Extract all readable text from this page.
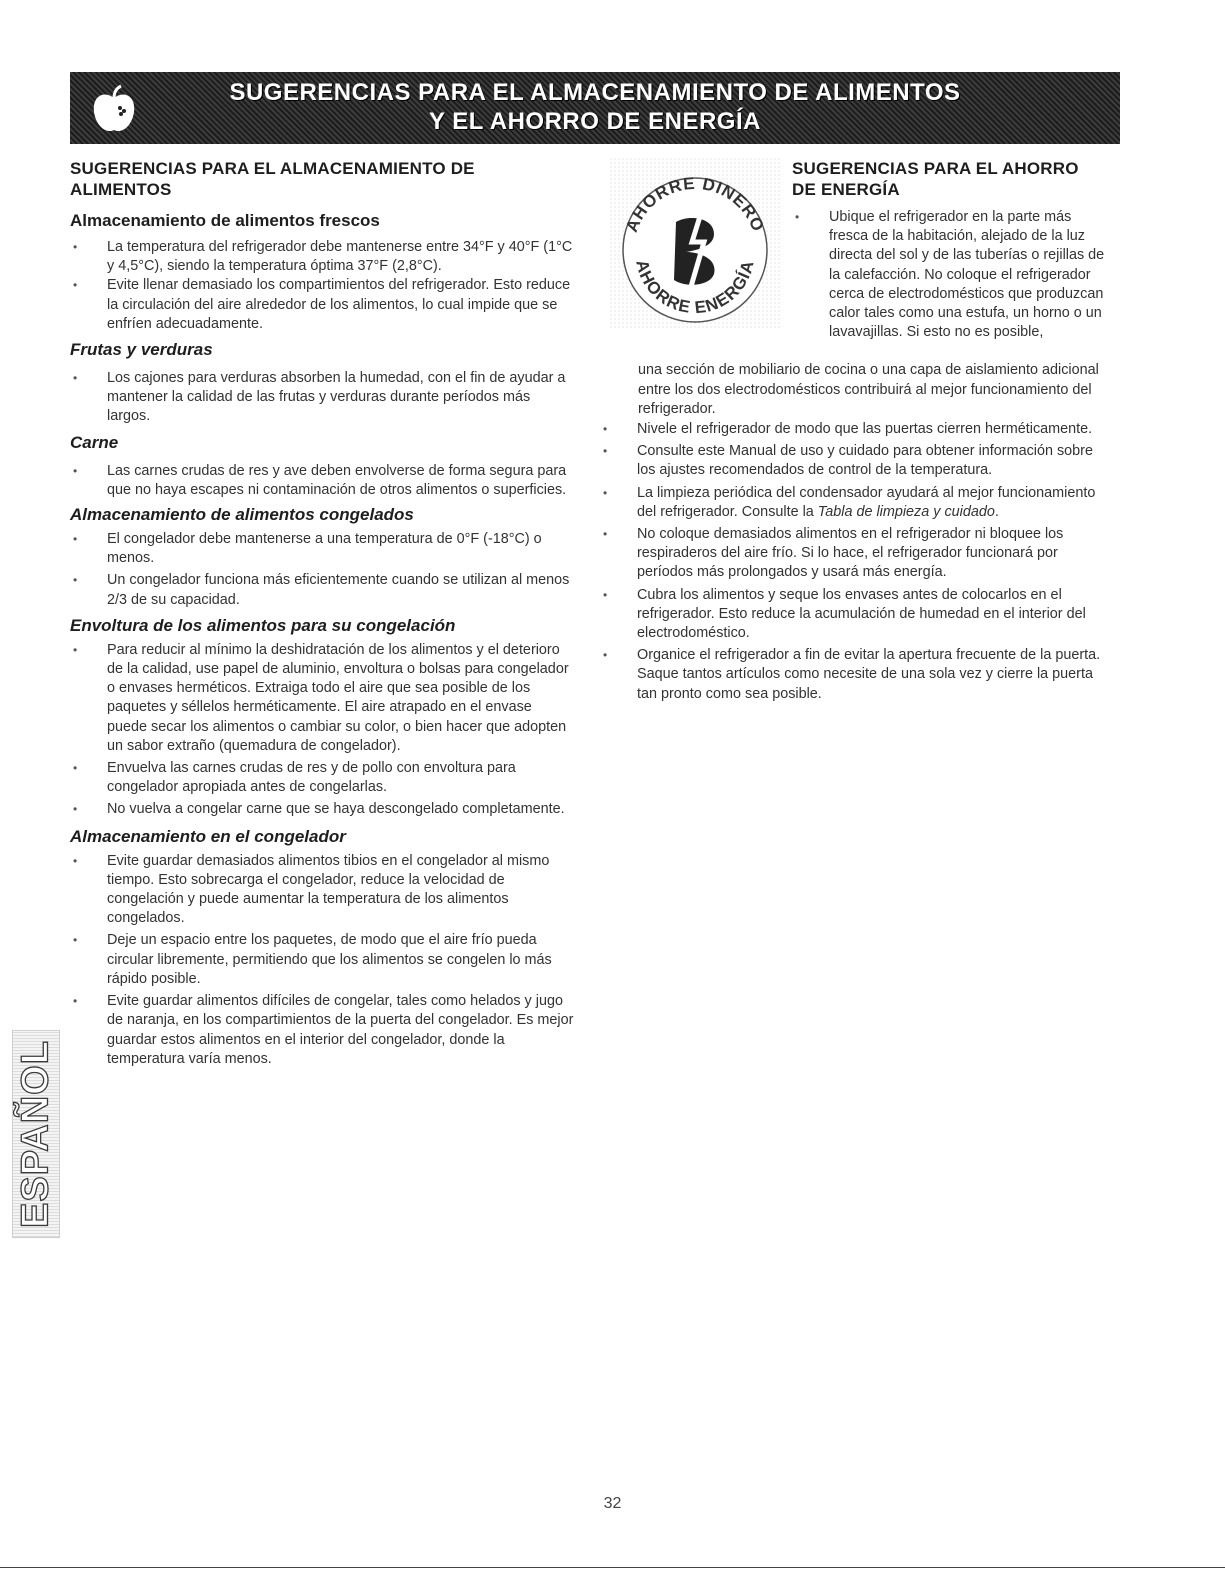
SUGERENCIAS PARA EL ALMACENAMIENTO DE ALIMENTOS
Y EL AHORRO DE ENERGÍA
SUGERENCIAS PARA EL ALMACENAMIENTO DE ALIMENTOS
Almacenamiento de alimentos frescos
• La temperatura del refrigerador debe mantenerse entre 34°F y 40°F (1°C y 4,5°C), siendo la temperatura óptima 37°F (2,8°C).
• Evite llenar demasiado los compartimientos del refrigerador. Esto reduce la circulación del aire alrededor de los alimentos, lo cual impide que se enfríen adecuadamente.
Frutas y verduras
• Los cajones para verduras absorben la humedad, con el fin de ayudar a mantener la calidad de las frutas y verduras durante períodos más largos.
Carne
• Las carnes crudas de res y ave deben envolverse de forma segura para que no haya escapes ni contaminación de otros alimentos o superficies.
Almacenamiento de alimentos congelados
• El congelador debe mantenerse a una temperatura de 0°F (-18°C) o menos.
• Un congelador funciona más eficientemente cuando se utilizan al menos 2/3 de su capacidad.
Envoltura de los alimentos para su congelación
• Para reducir al mínimo la deshidratación de los alimentos y el deterioro de la calidad, use papel de aluminio, envoltura o bolsas para congelador o envases herméticos. Extraiga todo el aire que sea posible de los paquetes y séllelos herméticamente. El aire atrapado en el envase puede secar los alimentos o cambiar su color, o bien hacer que adopten un sabor extraño (quemadura de congelador).
• Envuelva las carnes crudas de res y de pollo con envoltura para congelador apropiada antes de congelarlas.
• No vuelva a congelar carne que se haya descongelado completamente.
Almacenamiento en el congelador
• Evite guardar demasiados alimentos tibios en el congelador al mismo tiempo. Esto sobrecarga el congelador, reduce la velocidad de congelación y puede aumentar la temperatura de los alimentos congelados.
• Deje un espacio entre los paquetes, de modo que el aire frío pueda circular libremente, permitiendo que los alimentos se congelen lo más rápido posible.
• Evite guardar alimentos difíciles de congelar, tales como helados y jugo de naranja, en los compartimientos de la puerta del congelador. Es mejor guardar estos alimentos en el interior del congelador, donde la temperatura varía menos.
AHORRE DINERO
AHORRE ENERGÍA
SUGERENCIAS PARA EL AHORRO DE ENERGÍA
• Ubique el refrigerador en la parte más fresca de la habitación, alejado de la luz directa del sol y de las tuberías o rejillas de la calefacción. No coloque el refrigerador cerca de electrodomésticos que produzcan calor tales como una estufa, un horno o un lavavajillas. Si esto no es posible,

una sección de mobiliario de cocina o una capa de aislamiento adicional entre los dos electrodomésticos contribuirá al mejor funcionamiento del refrigerador.

• Nivele el refrigerador de modo que las puertas cierren herméticamente.
• Consulte este Manual de uso y cuidado para obtener información sobre los ajustes recomendados de control de la temperatura.
• La limpieza periódica del condensador ayudará al mejor funcionamiento del refrigerador. Consulte la Tabla de limpieza y cuidado.
• No coloque demasiados alimentos en el refrigerador ni bloquee los respiraderos del aire frío. Si lo hace, el refrigerador funcionará por períodos más prolongados y usará más energía.
• Cubra los alimentos y seque los envases antes de colocarlos en el refrigerador. Esto reduce la acumulación de humedad en el interior del electrodoméstico.
• Organice el refrigerador a fin de evitar la apertura frecuente de la puerta. Saque tantos artículos como necesite de una sola vez y cierre la puerta tan pronto como sea posible.
ESPAÑOL
32
